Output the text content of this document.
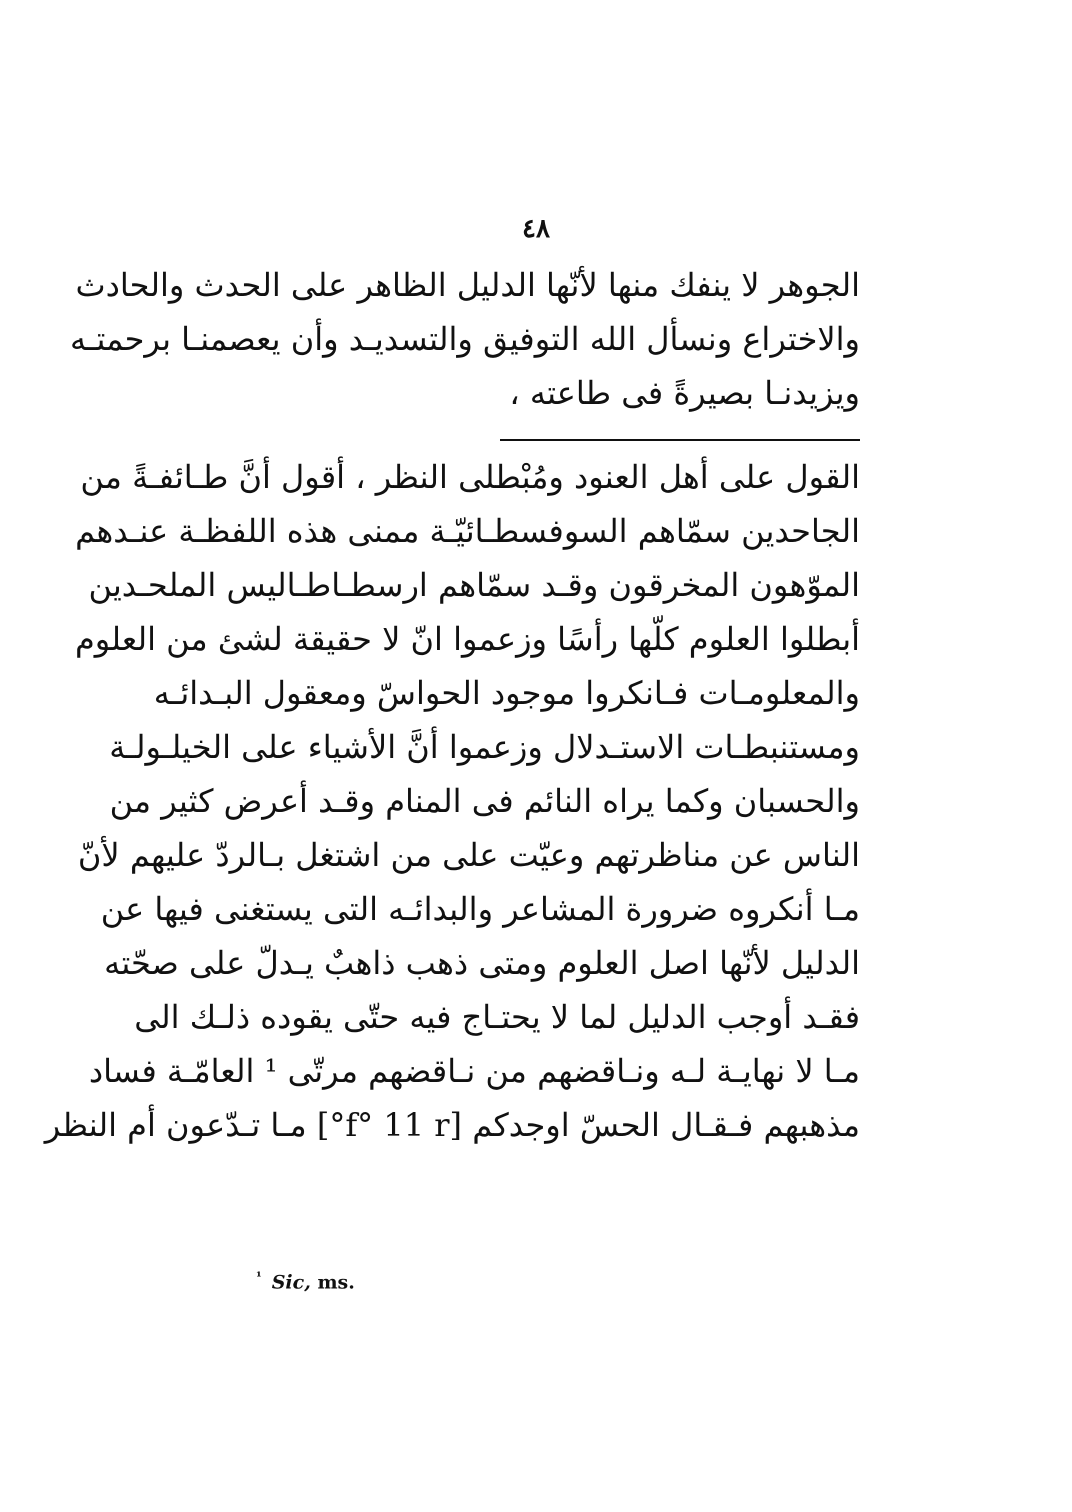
٤٨
الجوهر لا ينفك منها لأنّها الدليل الظاهر على الحدث والحادث
والاختراع ونسأل الله التوفيق والتسديـد وأن يعصمنـا برحمتـه
ويزيدنـا بصيرةً فى طاعته ،
القول على أهل العنود ومُبْطلى النظر ، أقول أنَّ طـائفـةً من
الجاحدين سمّاهم السوفسطـائيّـة ممنى هذه اللفظـة عنـدهم
الموّهون المخرقون وقـد سمّاهم ارسطـاطـاليس الملحـدين
أبطلوا العلوم كلّها رأسًا وزعموا انّ لا حقيقة لشئ من العلوم
والمعلومـات فـانكروا موجود الحواسّ ومعقول البـدائـه
ومستنبطـات الاستـدلال وزعموا أنَّ الأشياء على الخيلـولـة
والحسبان وكما يراه النائم فى المنام وقـد أعرض كثير من
الناس عن مناظرتهم وعيّت على من اشتغل بـالردّ عليهم لأنّ
مـا أنكروه ضرورة المشاعر والبدائـه التى يستغنى فيها عن
الدليل لأنّها اصل العلوم ومتى ذهب ذاهبٌ يـدلّ على صحّته
فقـد أوجب الدليل لما لا يحتـاج فيه حتّى يقوده ذلـك الى
مـا لا نهايـة لـه ونـاقضهم من نـاقضهم مرتّى ¹ العامّـة فساد
مذهبهم فـقـال الحسّ اوجدكم [f° 11 r°] مـا تـدّعون أم النظر
$^{^1}$ Sic, ms.
